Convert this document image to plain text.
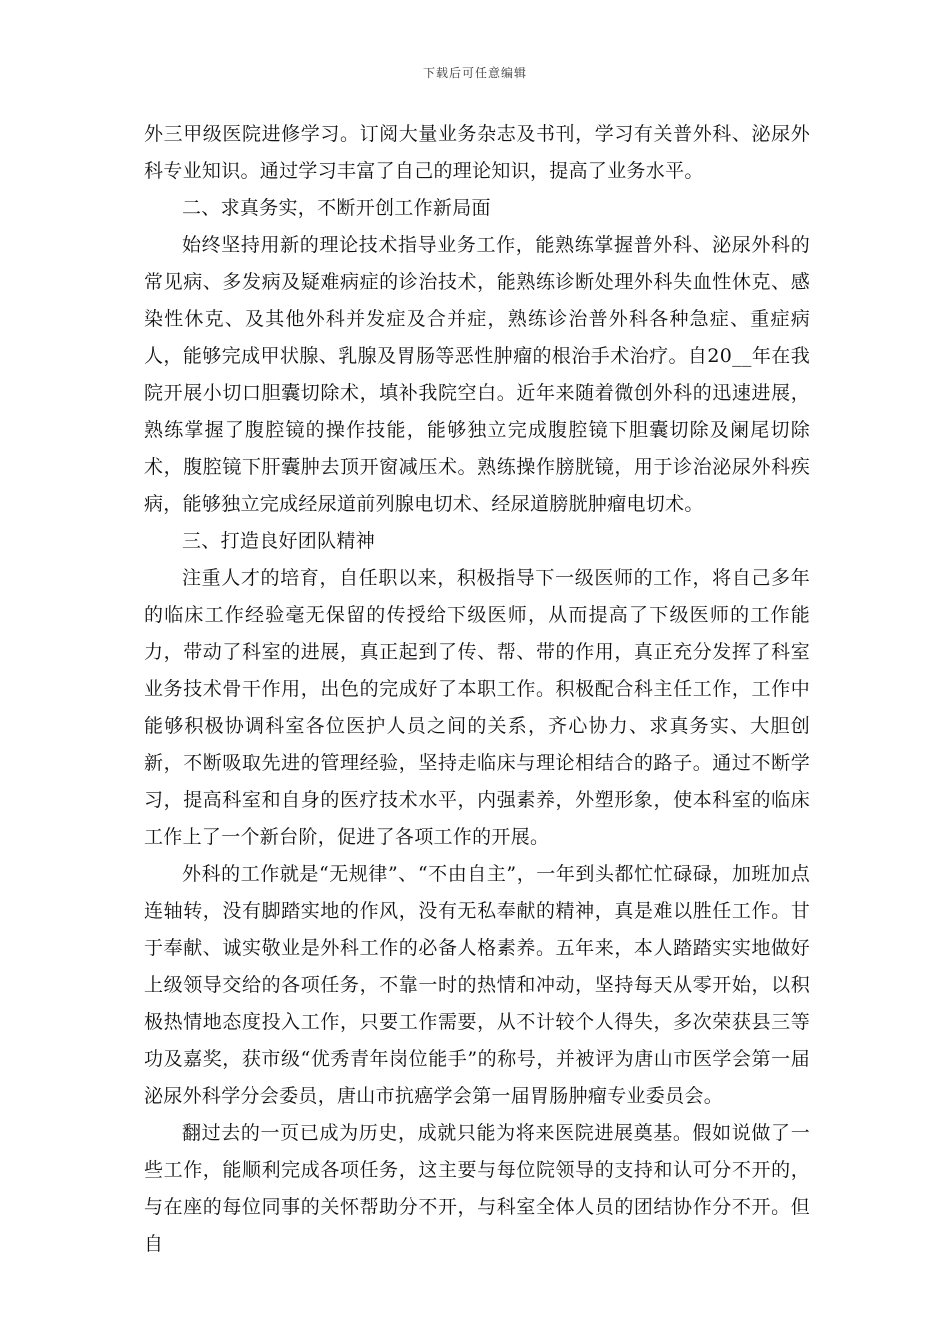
下载后可任意编辑

外三甲级医院进修学习。订阅大量业务杂志及书刊，学习有关普外科、泌尿外科专业知识。通过学习丰富了自己的理论知识，提高了业务水平。

二、求真务实，不断开创工作新局面

始终坚持用新的理论技术指导业务工作，能熟练掌握普外科、泌尿外科的常见病、多发病及疑难病症的诊治技术，能熟练诊断处理外科失血性休克、感染性休克、及其他外科并发症及合并症，熟练诊治普外科各种急症、重症病人，能够完成甲状腺、乳腺及胃肠等恶性肿瘤的根治手术治疗。自20__年在我院开展小切口胆囊切除术，填补我院空白。近年来随着微创外科的迅速进展，熟练掌握了腹腔镜的操作技能，能够独立完成腹腔镜下胆囊切除及阑尾切除术，腹腔镜下肝囊肿去顶开窗减压术。熟练操作膀胱镜，用于诊治泌尿外科疾病，能够独立完成经尿道前列腺电切术、经尿道膀胱肿瘤电切术。

三、打造良好团队精神

注重人才的培育，自任职以来，积极指导下一级医师的工作，将自己多年的临床工作经验毫无保留的传授给下级医师，从而提高了下级医师的工作能力，带动了科室的进展，真正起到了传、帮、带的作用，真正充分发挥了科室业务技术骨干作用，出色的完成好了本职工作。积极配合科主任工作，工作中能够积极协调科室各位医护人员之间的关系，齐心协力、求真务实、大胆创新，不断吸取先进的管理经验，坚持走临床与理论相结合的路子。通过不断学习，提高科室和自身的医疗技术水平，内强素养，外塑形象，使本科室的临床工作上了一个新台阶，促进了各项工作的开展。

外科的工作就是“无规律”、“不由自主”，一年到头都忙忙碌碌，加班加点连轴转，没有脚踏实地的作风，没有无私奉献的精神，真是难以胜任工作。甘于奉献、诚实敬业是外科工作的必备人格素养。五年来，本人踏踏实实地做好上级领导交给的各项任务，不靠一时的热情和冲动，坚持每天从零开始，以积极热情地态度投入工作，只要工作需要，从不计较个人得失，多次荣获县三等功及嘉奖，获市级“优秀青年岗位能手”的称号，并被评为唐山市医学会第一届泌尿外科学分会委员，唐山市抗癌学会第一届胃肠肿瘤专业委员会。

翻过去的一页已成为历史，成就只能为将来医院进展奠基。假如说做了一些工作，能顺利完成各项任务，这主要与每位院领导的支持和认可分不开的，与在座的每位同事的关怀帮助分不开，与科室全体人员的团结协作分不开。但自
